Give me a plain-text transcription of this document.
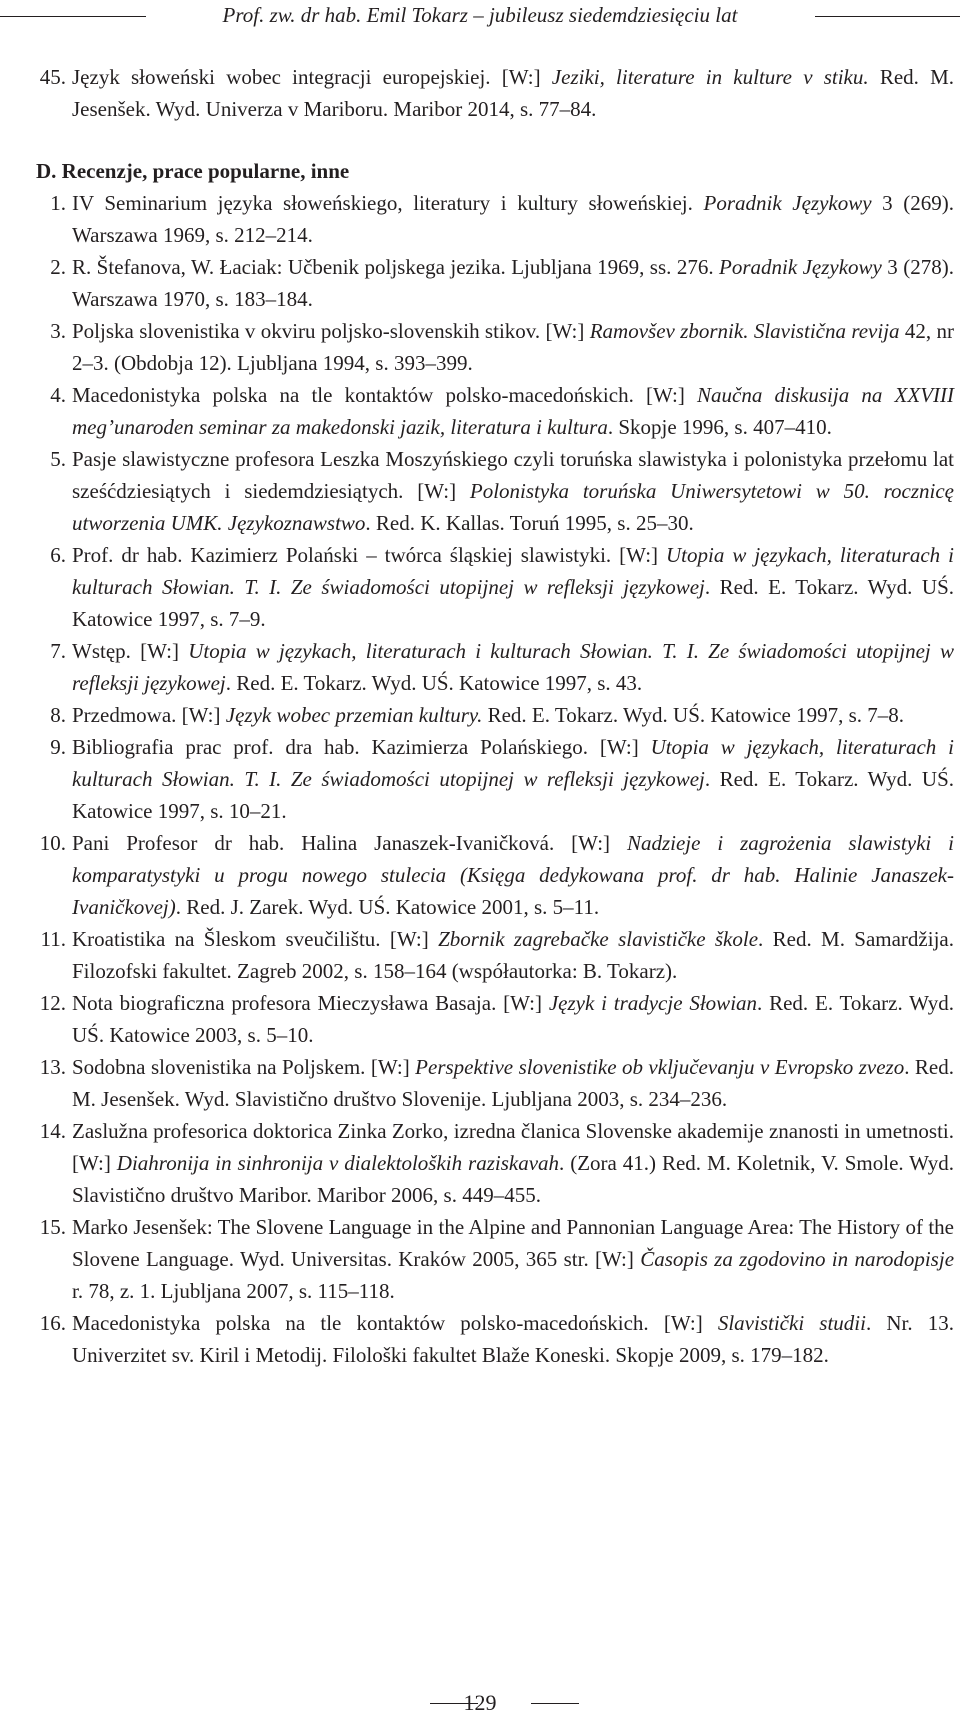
Prof. zw. dr hab. Emil Tokarz – jubileusz siedemdziesięciu lat
45. Język słoweński wobec integracji europejskiej. [W:] Jeziki, literature in kulture v stiku. Red. M. Jesenšek. Wyd. Univerza v Mariboru. Maribor 2014, s. 77–84.
D. Recenzje, prace popularne, inne
1. IV Seminarium języka słoweńskiego, literatury i kultury słoweńskiej. Poradnik Językowy 3 (269). Warszawa 1969, s. 212–214.
2. R. Štefanova, W. Łaciak: Učbenik poljskega jezika. Ljubljana 1969, ss. 276. Poradnik Językowy 3 (278). Warszawa 1970, s. 183–184.
3. Poljska slovenistika v okviru poljsko-slovenskih stikov. [W:] Ramovšev zbornik. Slavistična revija 42, nr 2–3. (Obdobja 12). Ljubljana 1994, s. 393–399.
4. Macedonistyka polska na tle kontaktów polsko-macedońskich. [W:] Naučna diskusija na XXVIII meg’unaroden seminar za makedonski jazik, literatura i kultura. Skopje 1996, s. 407–410.
5. Pasje slawistyczne profesora Leszka Moszyńskiego czyli toruńska slawistyka i polonistyka przełomu lat sześćdziesiątych i siedemdziesiątych. [W:] Polonistyka toruńska Uniwersytetowi w 50. rocznicę utworzenia UMK. Językoznawstwo. Red. K. Kallas. Toruń 1995, s. 25–30.
6. Prof. dr hab. Kazimierz Polański – twórca śląskiej slawistyki. [W:] Utopia w językach, literaturach i kulturach Słowian. T. I. Ze świadomości utopijnej w refleksji językowej. Red. E. Tokarz. Wyd. UŚ. Katowice 1997, s. 7–9.
7. Wstęp. [W:] Utopia w językach, literaturach i kulturach Słowian. T. I. Ze świadomości utopijnej w refleksji językowej. Red. E. Tokarz. Wyd. UŚ. Katowice 1997, s. 43.
8. Przedmowa. [W:] Język wobec przemian kultury. Red. E. Tokarz. Wyd. UŚ. Katowice 1997, s. 7–8.
9. Bibliografia prac prof. dra hab. Kazimierza Polańskiego. [W:] Utopia w językach, literaturach i kulturach Słowian. T. I. Ze świadomości utopijnej w refleksji językowej. Red. E. Tokarz. Wyd. UŚ. Katowice 1997, s. 10–21.
10. Pani Profesor dr hab. Halina Janaszek-Ivaničková. [W:] Nadzieje i zagrożenia slawistyki i komparatystyki u progu nowego stulecia (Księga dedykowana prof. dr hab. Halinie Janaszek-Ivaničkovej). Red. J. Zarek. Wyd. UŚ. Katowice 2001, s. 5–11.
11. Kroatistika na Šleskom sveučilištu. [W:] Zbornik zagrebačke slavističke škole. Red. M. Samardžija. Filozofski fakultet. Zagreb 2002, s. 158–164 (współautorka: B. Tokarz).
12. Nota biograficzna profesora Mieczysława Basaja. [W:] Język i tradycje Słowian. Red. E. Tokarz. Wyd. UŚ. Katowice 2003, s. 5–10.
13. Sodobna slovenistika na Poljskem. [W:] Perspektive slovenistike ob vključevanju v Evropsko zvezo. Red. M. Jesenšek. Wyd. Slavistično društvo Slovenije. Ljubljana 2003, s. 234–236.
14. Zaslužna profesorica doktorica Zinka Zorko, izredna članica Slovenske akademije znanosti in umetnosti. [W:] Diahronija in sinhronija v dialektoloških raziskavah. (Zora 41.) Red. M. Koletnik, V. Smole. Wyd. Slavistično društvo Maribor. Maribor 2006, s. 449–455.
15. Marko Jesenšek: The Slovene Language in the Alpine and Pannonian Language Area: The History of the Slovene Language. Wyd. Universitas. Kraków 2005, 365 str. [W:] Časopis za zgodovino in narodopisje r. 78, z. 1. Ljubljana 2007, s. 115–118.
16. Macedonistyka polska na tle kontaktów polsko-macedońskich. [W:] Slavistički studii. Nr. 13. Univerzitet sv. Kiril i Metodij. Filološki fakultet Blaže Koneski. Skopje 2009, s. 179–182.
129
